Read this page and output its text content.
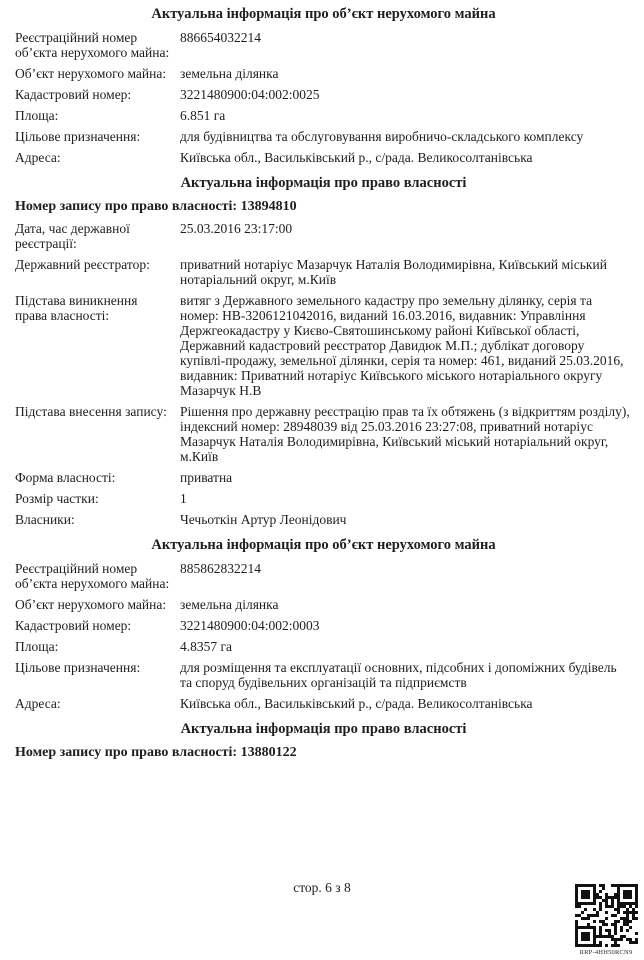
Актуальна інформація про об’єкт нерухомого майна
Реєстраційний номер об’єкта нерухомого майна:
886654032214
Об’єкт нерухомого майна:	земельна ділянка
Кадастровий номер:	3221480900:04:002:0025
Площа:	6.851 га
Цільове призначення:	для будівництва та обслуговування виробничо-складського комплексу
Адреса:	Київська обл., Васильківський р., с/рада. Великосолтанівська
Актуальна інформація про право власності
Номер запису про право власності: 13894810
Дата, час державної реєстрації:
25.03.2016 23:17:00
Державний реєстратор:	приватний нотаріус Мазарчук Наталія Володимирівна, Київський міський нотаріальний округ, м.Київ
Підстава виникнення права власності:
витяг з Державного земельного кадастру про земельну ділянку, серія та номер: НВ-3206121042016, виданий 16.03.2016, видавник: Управління Держгеокадастру у Києво-Святошинському районі Київської області, Державний кадастровий реєстратор Давидюк М.П.; дублікат договору купівлі-продажу, земельної ділянки, серія та номер: 461, виданий 25.03.2016, видавник: Приватний нотаріус Київського міського нотаріального округу Мазарчук Н.В
Підстава внесення запису: Рішення про державну реєстрацію прав та їх обтяжень (з відкриттям розділу), індексний номер: 28948039 від 25.03.2016 23:27:08, приватний нотаріус Мазарчук Наталія Володимирівна, Київський міський нотаріальний округ, м.Київ
Форма власності:	приватна
Розмір частки:	1
Власники:	Чечьоткін Артур Леонідович
Актуальна інформація про об’єкт нерухомого майна
Реєстраційний номер об’єкта нерухомого майна:
885862832214
Об’єкт нерухомого майна:	земельна ділянка
Кадастровий номер:	3221480900:04:002:0003
Площа:	4.8357 га
Цільове призначення:	для розміщення та експлуатації основних, підсобних і допоміжних будівель та споруд будівельних організацій та підприємств
Адреса:	Київська обл., Васильківський р., с/рада. Великосолтанівська
Актуальна інформація про право власності
Номер запису про право власності: 13880122
стор. 6 з 8
RRP-4HH50RCN9
